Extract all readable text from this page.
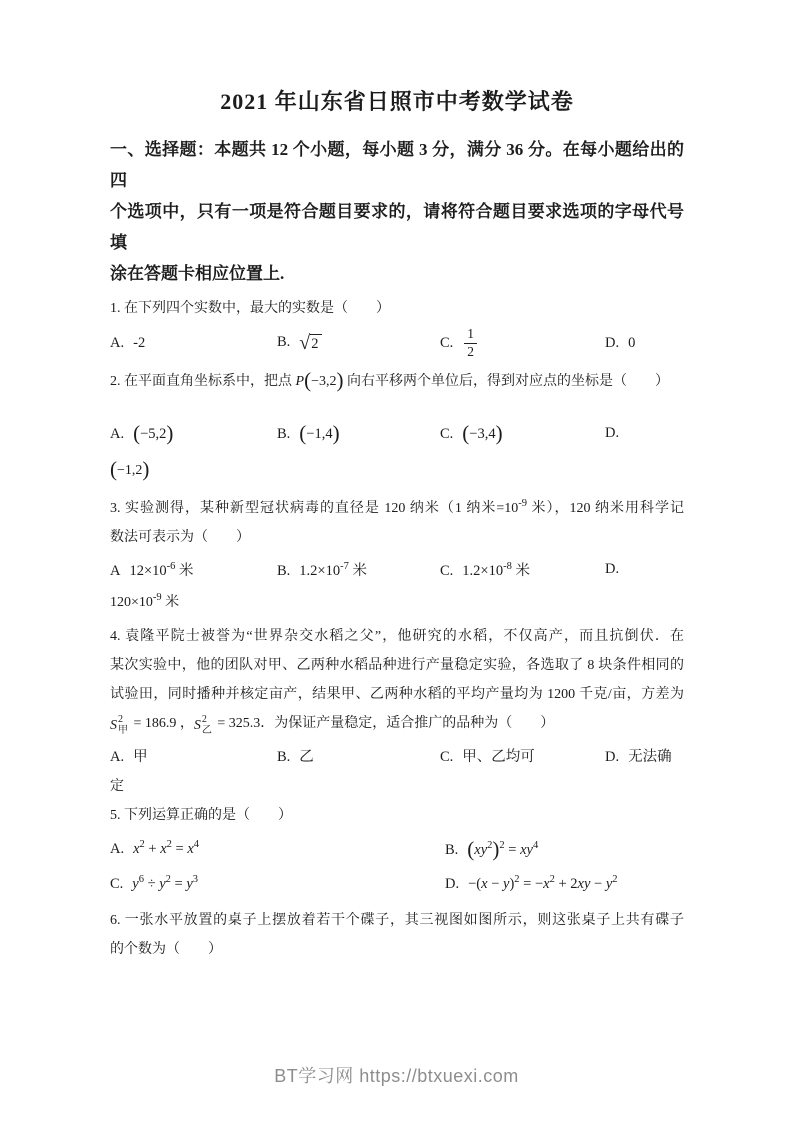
2021 年山东省日照市中考数学试卷
一、选择题：本题共 12 个小题，每小题 3 分，满分 36 分。在每小题给出的四
个选项中，只有一项是符合题目要求的，请将符合题目要求选项的字母代号填
涂在答题卡相应位置上.
1. 在下列四个实数中，最大的实数是（　　）
A. -2	B. √ 2	C. $\frac{1}{2}$	D. 0
2. 在平面直角坐标系中，把点 P(−3,2) 向右平移两个单位后，得到对应点的坐标是（　　）
A. (−5,2)	B. (−1,4)	C. (−3,4)	D.
(−1,2)
3. 实验测得，某种新型冠状病毒的直径是 120 纳米（1 纳米$=10^{-9}$ 米），120 纳米用科学记
数法可表示为（　　）
A $12\times 10^{-6}$ 米	B. $1.2\times 10^{-7}$ 米	C. $1.2\times 10^{-8}$ 米	D.
$120\times 10^{-9}$ 米
4. 袁隆平院士被誉为“世界杂交水稻之父”，他研究的水稻，不仅高产，而且抗倒伏．在
某次实验中，他的团队对甲、乙两种水稻品种进行产量稳定实验，各选取了 8 块条件相同的
试验田，同时播种并核定亩产，结果甲、乙两种水稻的平均产量均为 1200 千克/亩，方差为
S 2
甲 = 186.9 ， S 2
乙 = 325.3．为保证产量稳定，适合推广的品种为（　　）
A. 甲	B. 乙	C. 甲、乙均可	D. 无法确
定
5. 下列运算正确的是（　　）
A. $x^2 + x^2 = x^4$	B. $(xy^2)^2 = xy^4$
C. $y^6 \div y^2 = y^3$	D. $-(x - y)^2 = -x^2 + 2xy - y^2$
6. 一张水平放置的桌子上摆放着若干个碟子，其三视图如图所示，则这张桌子上共有碟子
的个数为（　　）
BT学习网 https://btxuexi.com
